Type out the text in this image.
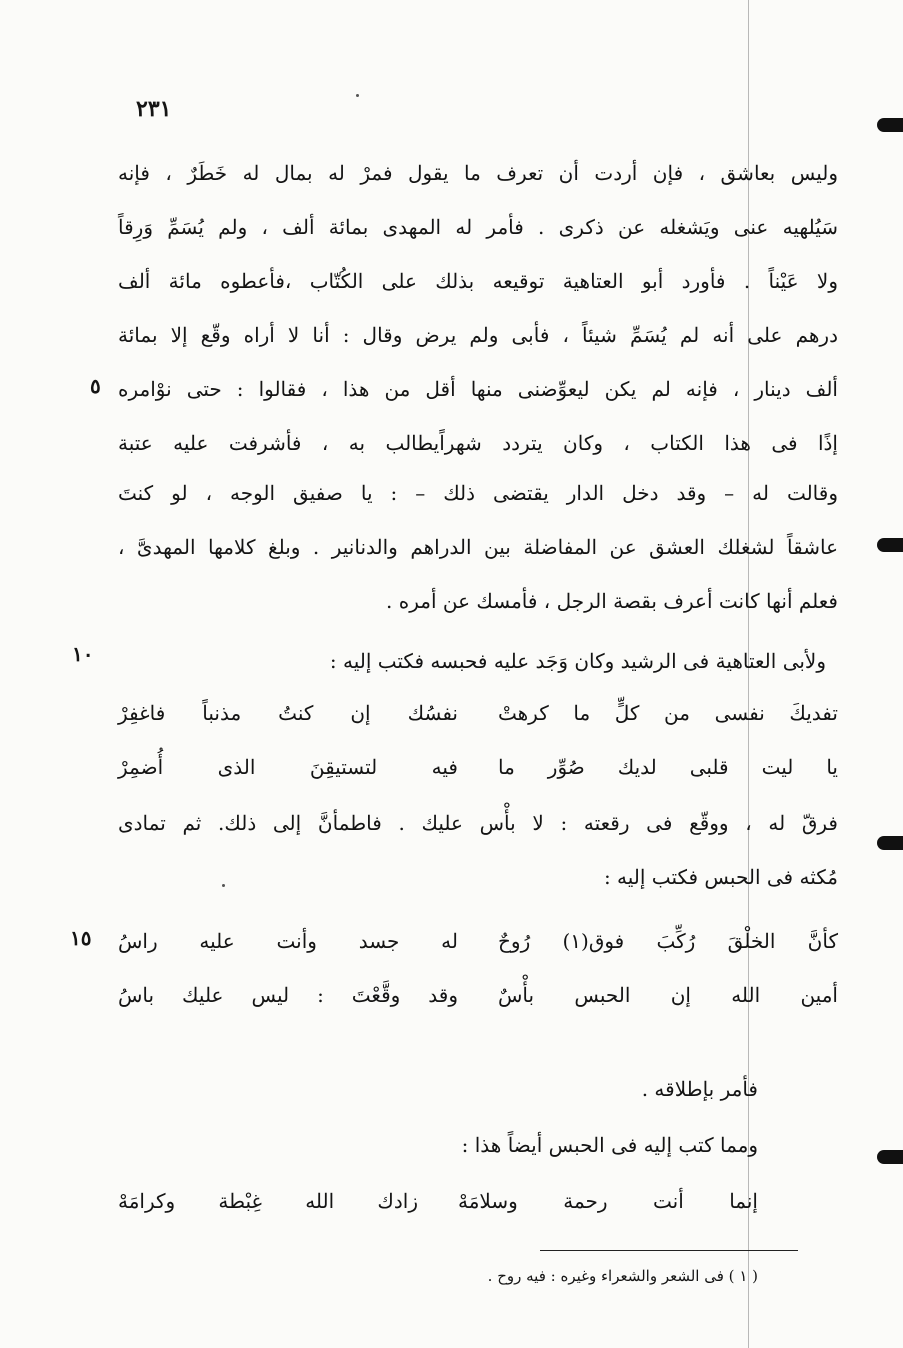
٢٣١
وليس بعاشق ، فإن أردت أن تعرف ما يقول فمرْ له بمال له خَطَرٌ ، فإنه
سَيُلهيه عنى ويَشغله عن ذكرى . فأمر له المهدى بمائة ألف ، ولم يُسَمِّ وَرِقاً
ولا عَيْناً . فأورد أبو العتاهية توقيعه بذلك على الكُتّاب ،فأعطوه مائة ألف
درهم على أنه لم يُسَمِّ شيئاً ، فأبى ولم يرض وقال : أنا لا أراه وقّع إلا بمائة
ألف دينار ، فإنه لم يكن ليعوِّضنى منها أقل من هذا ، فقالوا : حتى نوْامره
إذًا فى هذا الكتاب ، وكان يتردد شهراًيطالب به ، فأشرفت عليه عتبة
وقالت له – وقد دخل الدار يقتضى ذلك – : يا صفيق الوجه ، لو كنتَ
عاشقاً لشغلك العشق عن المفاضلة بين الدراهم والدنانير . وبلغ كلامها المهدىَّ ،
فعلم أنها كانت أعرف بقصة الرجل ، فأمسك عن أمره .
٥
١٠
١٥
ولأبى العتاهية فى الرشيد وكان وَجَد عليه فحبسه فكتب إليه :
تفديكَ نفسى من كلٍّ ما كرهتْ
نفسُك إن كنتُ مذنباً فاغفِرْ
يا ليت قلبى لديك صُوِّر ما
فيه لتستيقِنَ الذى أُضمِرْ
فرقّ له ، ووقّع فى رقعته : لا بأْس عليك . فاطمأنَّ إلى ذلك. ثم تمادى
مُكثه فى الحبس فكتب إليه :
كأنَّ الخلْقَ رُكِّبَ فوق(١) رُوحٌ
له جسد وأنت عليه راسُ
أمين الله إن الحبس بأْسٌ
وقد وقَّعْتَ : ليس عليك باسُ
فأمر بإطلاقه .
ومما كتب إليه فى الحبس أيضاً هذا :
إنما أنت رحمة وسلامَهْ
زادك الله غِبْطة وكرامَهْ
( ١ ) فى الشعر والشعراء وغيره : فيه روح .
